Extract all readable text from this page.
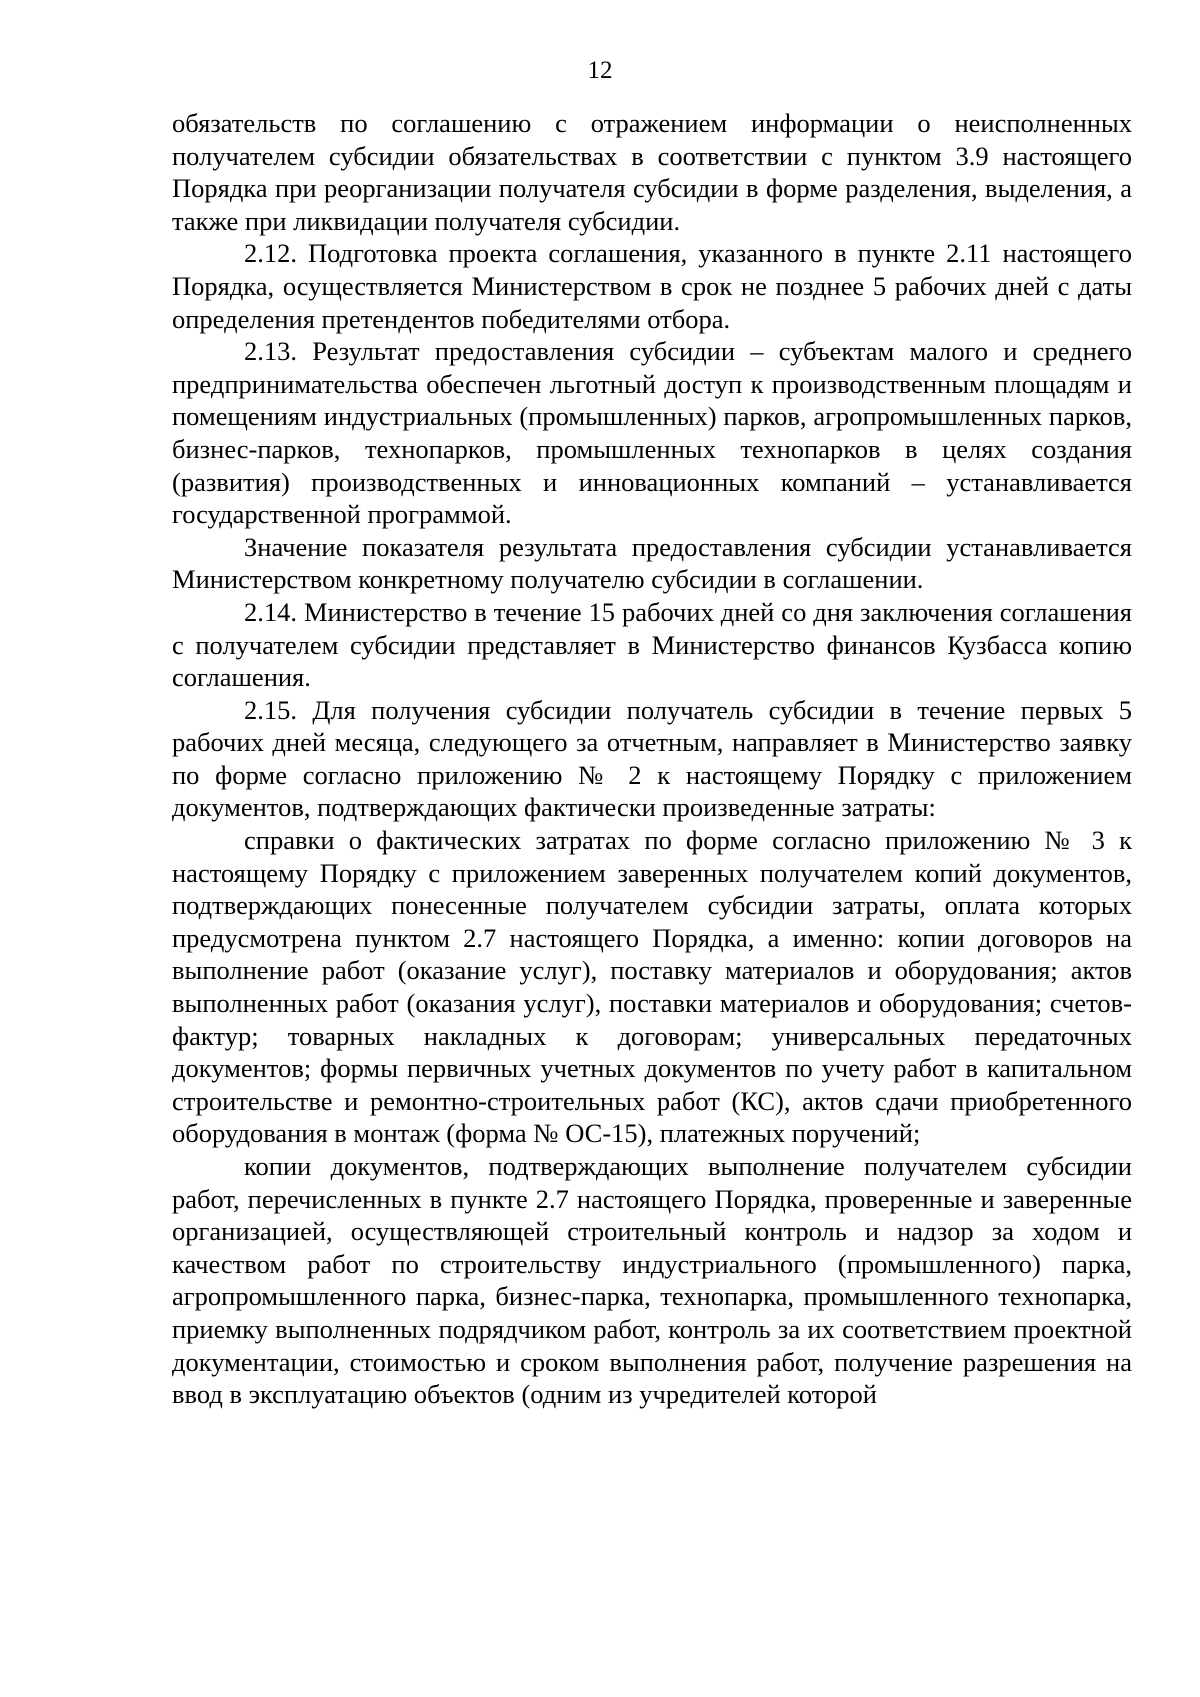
12

обязательств по соглашению с отражением информации о неисполненных получателем субсидии обязательствах в соответствии с пунктом 3.9 настоящего Порядка при реорганизации получателя субсидии в форме разделения, выделения, а также при ликвидации получателя субсидии.

2.12. Подготовка проекта соглашения, указанного в пункте 2.11 настоящего Порядка, осуществляется Министерством в срок не позднее 5 рабочих дней с даты определения претендентов победителями отбора.

2.13. Результат предоставления субсидии – субъектам малого и среднего предпринимательства обеспечен льготный доступ к производственным площадям и помещениям индустриальных (промышленных) парков, агропромышленных парков, бизнес-парков, технопарков, промышленных технопарков в целях создания (развития) производственных и инновационных компаний – устанавливается государственной программой.

Значение показателя результата предоставления субсидии устанавливается Министерством конкретному получателю субсидии в соглашении.

2.14. Министерство в течение 15 рабочих дней со дня заключения соглашения с получателем субсидии представляет в Министерство финансов Кузбасса копию соглашения.

2.15. Для получения субсидии получатель субсидии в течение первых 5 рабочих дней месяца, следующего за отчетным, направляет в Министерство заявку по форме согласно приложению № 2 к настоящему Порядку с приложением документов, подтверждающих фактически произведенные затраты:

справки о фактических затратах по форме согласно приложению № 3 к настоящему Порядку с приложением заверенных получателем копий документов, подтверждающих понесенные получателем субсидии затраты, оплата которых предусмотрена пунктом 2.7 настоящего Порядка, а именно: копии договоров на выполнение работ (оказание услуг), поставку материалов и оборудования; актов выполненных работ (оказания услуг), поставки материалов и оборудования; счетов-фактур; товарных накладных к договорам; универсальных передаточных документов; формы первичных учетных документов по учету работ в капитальном строительстве и ремонтно-строительных работ (КС), актов сдачи приобретенного оборудования в монтаж (форма № ОС-15), платежных поручений;

копии документов, подтверждающих выполнение получателем субсидии работ, перечисленных в пункте 2.7 настоящего Порядка, проверенные и заверенные организацией, осуществляющей строительный контроль и надзор за ходом и качеством работ по строительству индустриального (промышленного) парка, агропромышленного парка, бизнес-парка, технопарка, промышленного технопарка, приемку выполненных подрядчиком работ, контроль за их соответствием проектной документации, стоимостью и сроком выполнения работ, получение разрешения на ввод в эксплуатацию объектов (одним из учредителей которой
